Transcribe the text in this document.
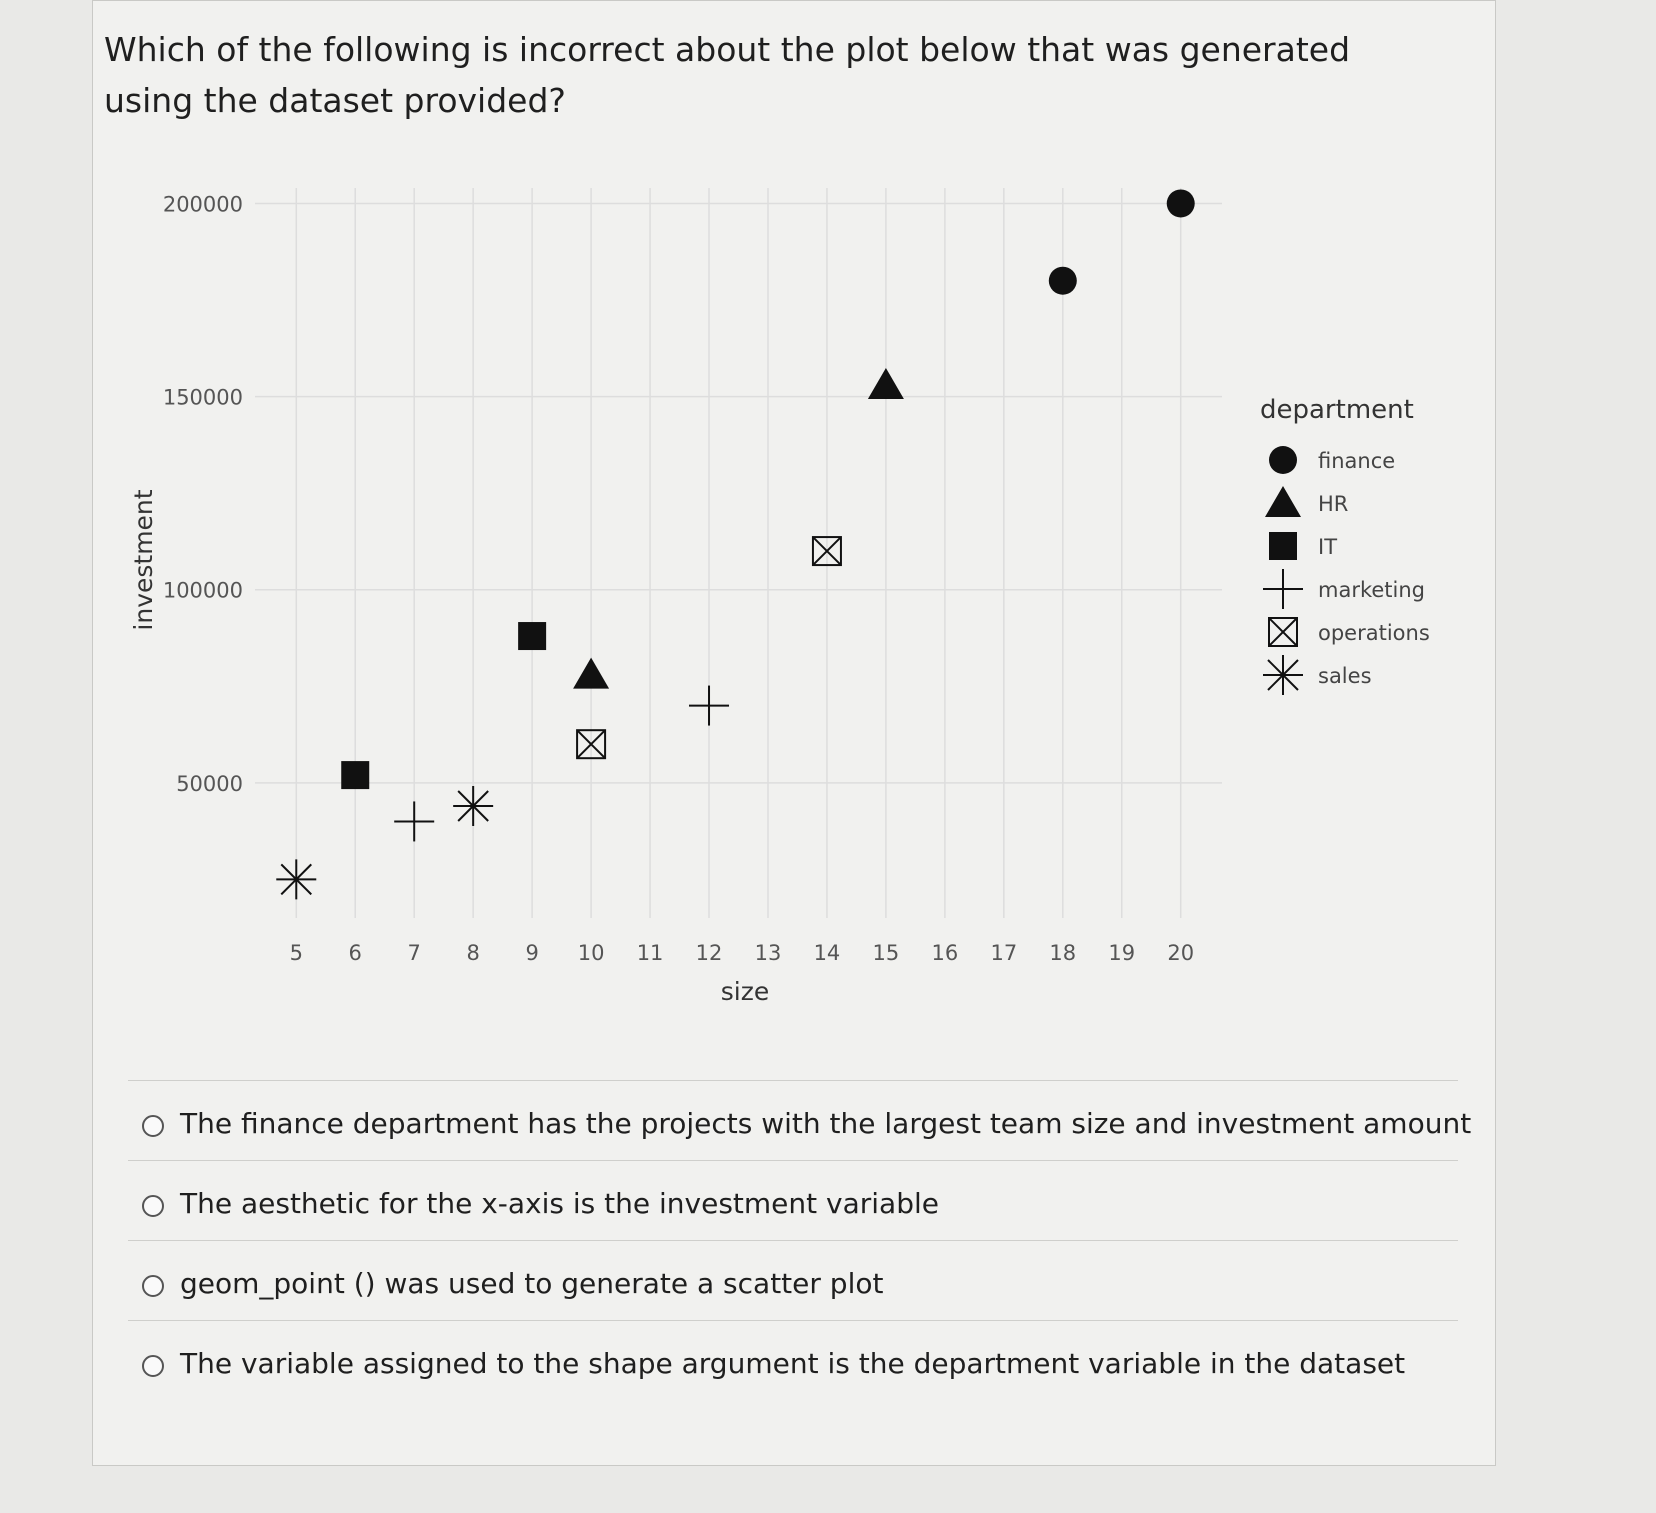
Which of the following is incorrect about the plot below that was generated using the dataset provided?
50000
100000
150000
200000
5 6 7 8 9 10 11 12 13 14 15 16 17 18 19 20
investment
size
department
finance
HR
IT
marketing
operations
sales
The finance department has the projects with the largest team size and investment amount
The aesthetic for the x-axis is the investment variable
geom_point () was used to generate a scatter plot
The variable assigned to the shape argument is the department variable in the dataset
